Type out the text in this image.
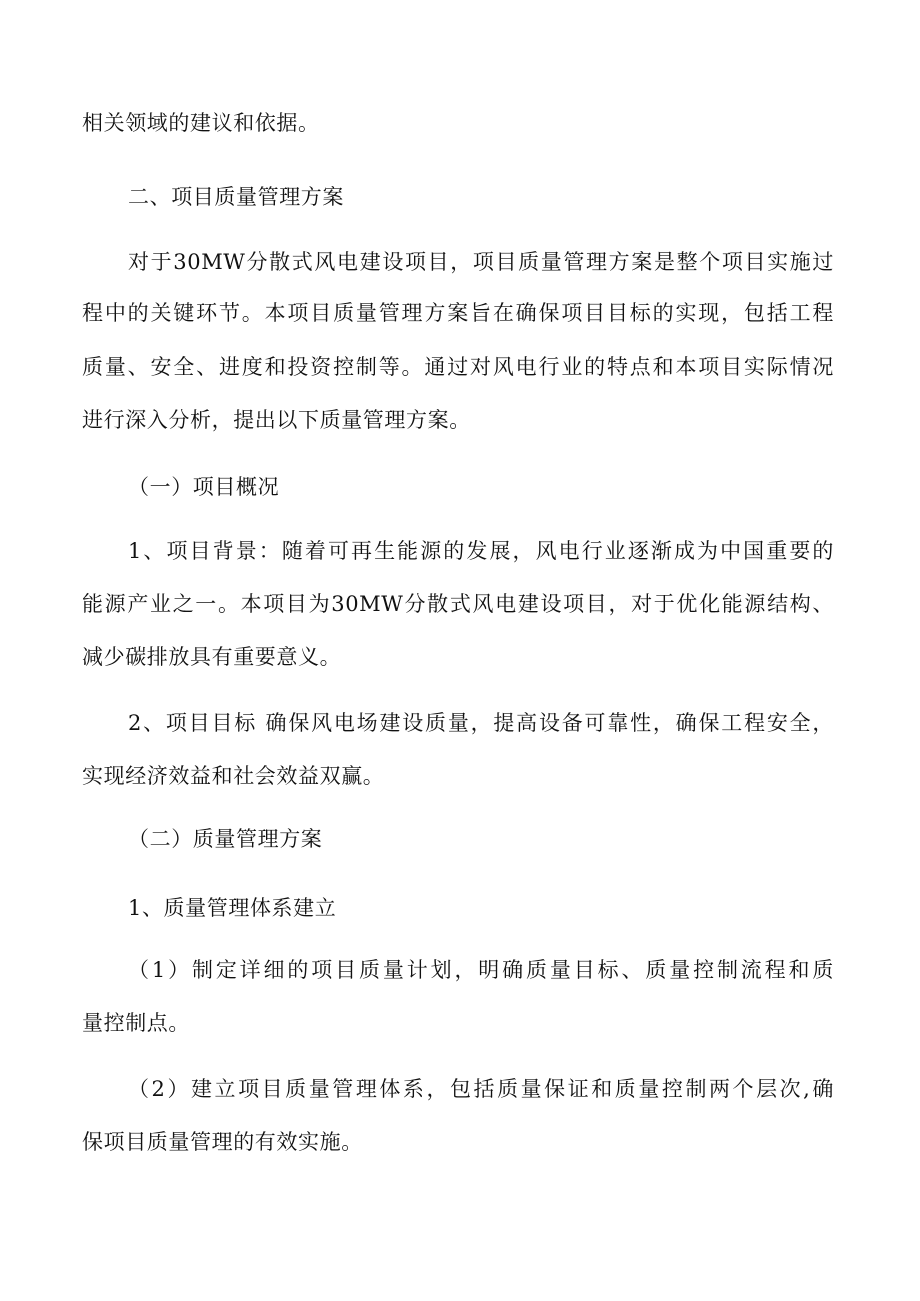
相关领域的建议和依据。
二、项目质量管理方案
对于30MW分散式风电建设项目，项目质量管理方案是整个项目实施过
程中的关键环节。本项目质量管理方案旨在确保项目目标的实现，包括工程
质量、安全、进度和投资控制等。通过对风电行业的特点和本项目实际情况
进行深入分析，提出以下质量管理方案。
（一）项目概况
1、项目背景：随着可再生能源的发展，风电行业逐渐成为中国重要的
能源产业之一。本项目为30MW分散式风电建设项目，对于优化能源结构、
减少碳排放具有重要意义。
2、项目目标 确保风电场建设质量，提高设备可靠性，确保工程安全，
实现经济效益和社会效益双赢。
（二）质量管理方案
1、质量管理体系建立
（1）制定详细的项目质量计划，明确质量目标、质量控制流程和质
量控制点。
（2）建立项目质量管理体系，包括质量保证和质量控制两个层次,确
保项目质量管理的有效实施。
